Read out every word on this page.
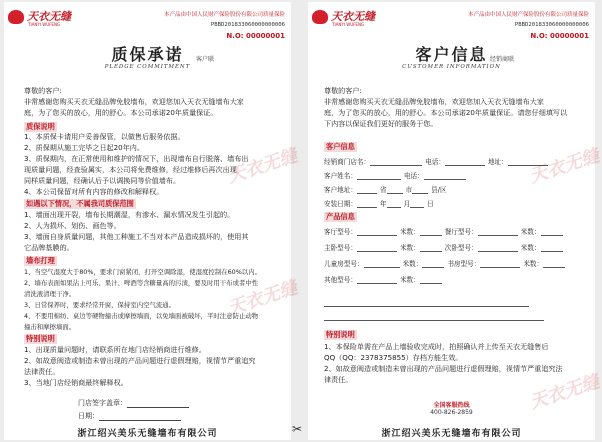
天衣无缝
TIANYI WUFENG
本产品由中国人民财产保险股份有限公司质量保险
PBBD201833060000000006
N.O: 00000001
质保承诺	客户联
PLEDGE COMMITMENT
尊敬的客户:
非常感谢您购买天衣无缝品牌免胶墙布，欢迎您加入天衣无缝墙布大家
庭，为了您买的放心，用的舒心。本公司承诺20年质量保证。
质保说明
1、本质保卡请用户妥善保管，以做售后服务依据。
2、质保期从施工完毕之日起20年内。
3、质保期内，在正常使用和维护的情况下，出现墙布自行脱落、墙布出
现质量问题，经查验属实，本公司将免费维修，经过维修后再次出现
同样质量问题，经确认后予以调换同等价值墙布。
4、本公司保留对所有内容的修改和解释权。
如遇以下情况，不属我司质保范围
1、墙面出现开裂，墙布长期潮湿，有渗水、漏水情况发生引起的。
2、人为损坏、划伤、画色等。
3、墙面自身质量问题，其他工种施工不当对本产品造成损坏的，使用其
它品牌基膜的。
墙布打理
1、当空气湿度大于80%，要求门窗紧闭，打开空调除湿，使湿度控制在60%以内。
2、墙布表面如果沾上可乐、果汁、啤酒等含糖量高的污渍，要及时用干布或者中性
清洗液清理干净。
3、日常保养时，要求经常开窗，保持室内空气流通。
4、不要用棉纺、桌边等硬物撞击或摩擦墙面，以免墙面被破坏，平时注意防止动物
撞击和摩擦墙面。
特别说明
1、出现质量问题时，请联系所在地门店经销商进行维修。
2、如故意阀造或制造未曾出现的产品问题进行虚假理赔，视情节严重追究
法律责任。
3、当地门店经销商最终解释权。
门店签字盖章：
日期：
浙江绍兴美乐无缝墙布有限公司
天衣无缝
天衣无缝
✂
天衣无缝
TIANYI WUFENG
本产品由中国人民财产保险股份有限公司质量保险
PBBD201833060000000006
N.O: 00000001
客户信息 经销商联
CUSTOMER INFORMATION
尊敬的客户:
非常感谢您购买天衣无缝品牌免胶墙布，欢迎您加入天衣无缝墙布大家
庭，为了您买的放心，用的舒心。本公司承诺20年质量保证。请您仔细填写以
下内容以保证我们更好的服务于您。
客户信息
经销商门店名：	电话：	地址：
客户姓名：	电话：
客户地址：	省	市	县/区
安装日期：	年	月	日
产品信息
客厅型号：	米数：	餐厅型号：	米数：
主卧型号：	米数：	次卧型号：	米数：
儿童房型号：	米数：	书房型号：	米数：
其他型号：	米数：
特别说明
1、本保险单需在产品上墙验收完成时，拍照确认并上传至天衣无缝售后
QQ（QQ：2378375855）存档方能生效。
2、如故意阀造或制造未曾出现的产品问题进行虚假理赔，视情节严重追究法
律责任。
全国客服热线
400-826-2859
浙江绍兴美乐无缝墙布有限公司
天衣无缝
天衣无缝
